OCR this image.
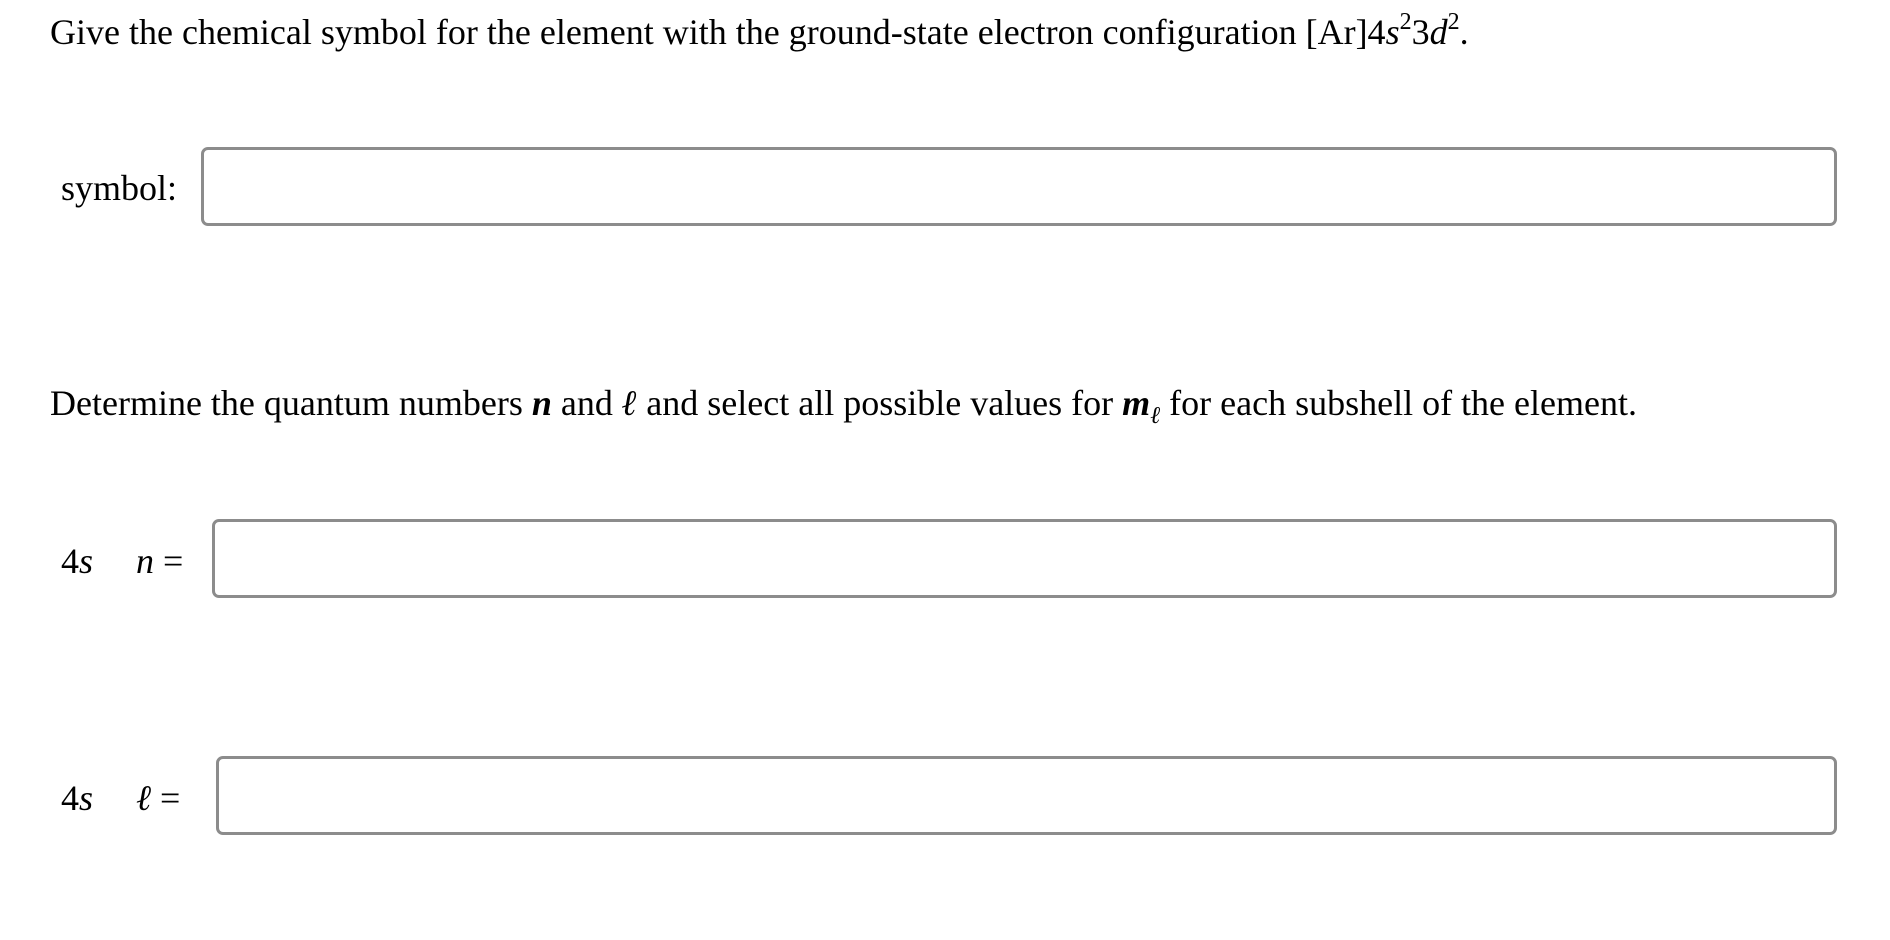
Give the chemical symbol for the element with the ground-state electron configuration $[Ar]4s^23d^2$.

symbol:

Determine the quantum numbers n and ℓ and select all possible values for $m_\ell$ for each subshell of the element.

4s n =
4s ℓ =
